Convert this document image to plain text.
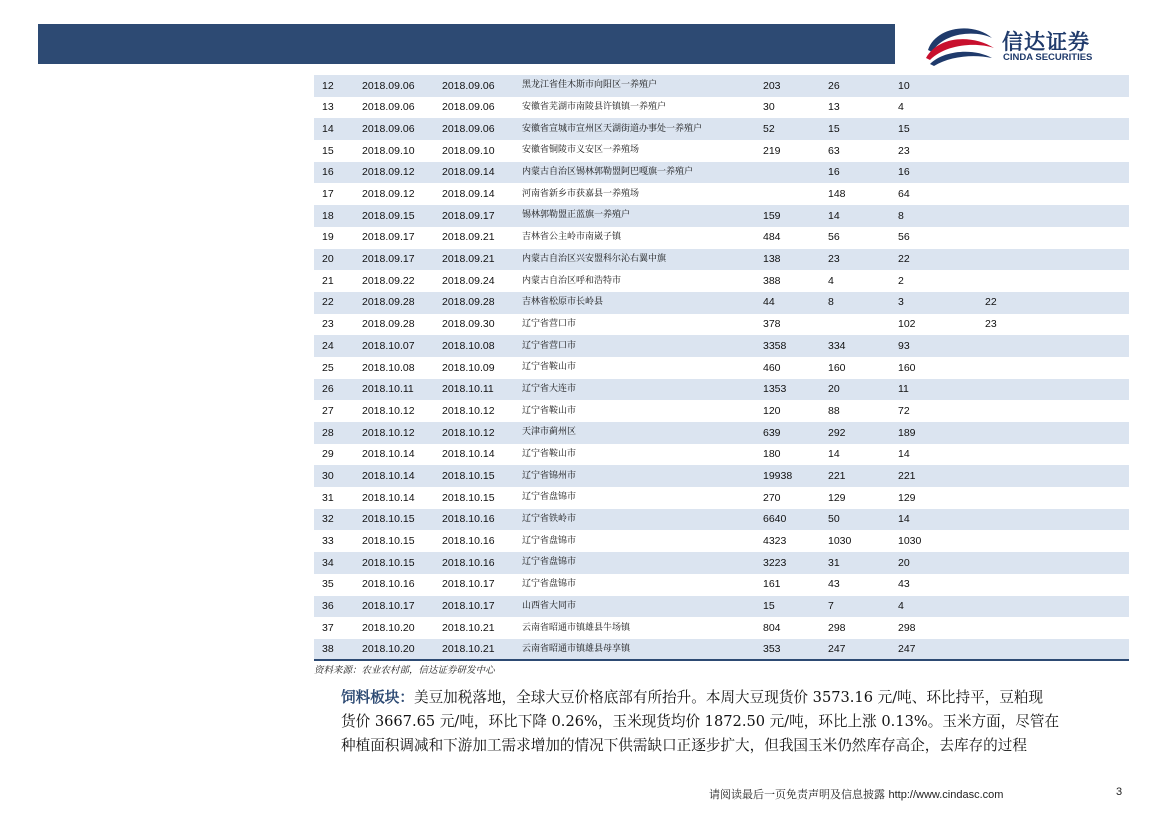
信达证券
CINDA SECURITIES
12	2018.09.06	2018.09.06	黑龙江省佳木斯市向阳区一养殖户	203	26	10		
13	2018.09.06	2018.09.06	安徽省芜湖市南陵县许镇镇一养殖户	30	13	4		
14	2018.09.06	2018.09.06	安徽省宣城市宣州区天湖街道办事处一养殖户	52	15	15		
15	2018.09.10	2018.09.10	安徽省铜陵市义安区一养殖场	219	63	23		
16	2018.09.12	2018.09.14	内蒙古自治区锡林郭勒盟阿巴嘎旗一养殖户		16	16		
17	2018.09.12	2018.09.14	河南省新乡市获嘉县一养殖场		148	64		
18	2018.09.15	2018.09.17	锡林郭勒盟正蓝旗一养殖户	159	14	8		
19	2018.09.17	2018.09.21	吉林省公主岭市南崴子镇	484	56	56		
20	2018.09.17	2018.09.21	内蒙古自治区兴安盟科尔沁右翼中旗	138	23	22		
21	2018.09.22	2018.09.24	内蒙古自治区呼和浩特市	388	4	2		
22	2018.09.28	2018.09.28	吉林省松原市长岭县	44	8	3	22	
23	2018.09.28	2018.09.30	辽宁省营口市	378		102	23	
24	2018.10.07	2018.10.08	辽宁省营口市	3358	334	93		
25	2018.10.08	2018.10.09	辽宁省鞍山市	460	160	160		
26	2018.10.11	2018.10.11	辽宁省大连市	1353	20	11		
27	2018.10.12	2018.10.12	辽宁省鞍山市	120	88	72		
28	2018.10.12	2018.10.12	天津市蓟州区	639	292	189		
29	2018.10.14	2018.10.14	辽宁省鞍山市	180	14	14		
30	2018.10.14	2018.10.15	辽宁省锦州市	19938	221	221		
31	2018.10.14	2018.10.15	辽宁省盘锦市	270	129	129		
32	2018.10.15	2018.10.16	辽宁省铁岭市	6640	50	14		
33	2018.10.15	2018.10.16	辽宁省盘锦市	4323	1030	1030		
34	2018.10.15	2018.10.16	辽宁省盘锦市	3223	31	20		
35	2018.10.16	2018.10.17	辽宁省盘锦市	161	43	43		
36	2018.10.17	2018.10.17	山西省大同市	15	7	4		
37	2018.10.20	2018.10.21	云南省昭通市镇雄县牛场镇	804	298	298		
38	2018.10.20	2018.10.21	云南省昭通市镇雄县母享镇	353	247	247		
资料来源：农业农村部，信达证券研发中心
饲料板块：美豆加税落地，全球大豆价格底部有所抬升。本周大豆现货价 3573.16 元/吨、环比持平，豆粕现
货价 3667.65 元/吨，环比下降 0.26%，玉米现货均价 1872.50 元/吨，环比上涨 0.13%。玉米方面，尽管在
种植面积调减和下游加工需求增加的情况下供需缺口正逐步扩大，但我国玉米仍然库存高企，去库存的过程
请阅读最后一页免责声明及信息披露 http://www.cindasc.com	3
